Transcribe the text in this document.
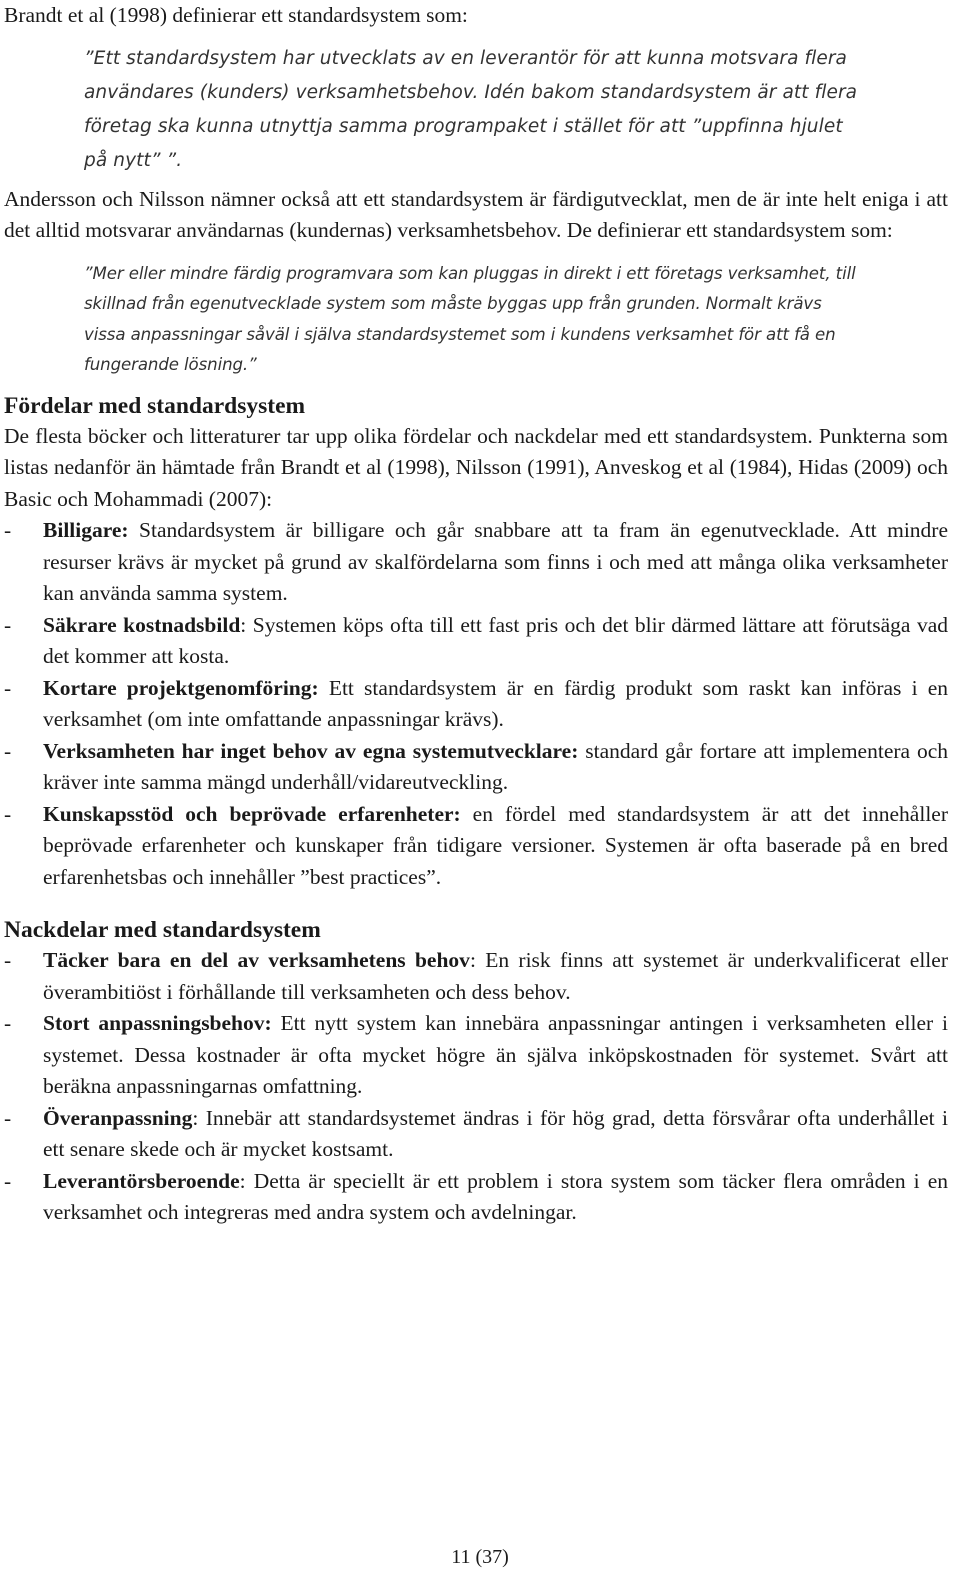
Brandt et al (1998) definierar ett standardsystem som:

”Ett standardsystem har utvecklats av en leverantör för att kunna motsvara flera användares (kunders) verksamhetsbehov. Idén bakom standardsystem är att flera företag ska kunna utnyttja samma programpaket i stället för att ”uppfinna hjulet på nytt” ”.

Andersson och Nilsson nämner också att ett standardsystem är färdigutvecklat, men de är inte helt eniga i att det alltid motsvarar användarnas (kundernas) verksamhetsbehov. De definierar ett standardsystem som:

”Mer eller mindre färdig programvara som kan pluggas in direkt i ett företags verksamhet, till skillnad från egenutvecklade system som måste byggas upp från grunden. Normalt krävs vissa anpassningar såväl i själva standardsystemet som i kundens verksamhet för att få en fungerande lösning.”

Fördelar med standardsystem

De flesta böcker och litteraturer tar upp olika fördelar och nackdelar med ett standardsystem. Punkterna som listas nedanför än hämtade från Brandt et al (1998), Nilsson (1991), Anveskog et al (1984), Hidas (2009) och Basic och Mohammadi (2007):

- Billigare: Standardsystem är billigare och går snabbare att ta fram än egenutvecklade. Att mindre resurser krävs är mycket på grund av skalfördelarna som finns i och med att många olika verksamheter kan använda samma system.
- Säkrare kostnadsbild: Systemen köps ofta till ett fast pris och det blir därmed lättare att förutsäga vad det kommer att kosta.
- Kortare projektgenomföring: Ett standardsystem är en färdig produkt som raskt kan införas i en verksamhet (om inte omfattande anpassningar krävs).
- Verksamheten har inget behov av egna systemutvecklare: standard går fortare att implementera och kräver inte samma mängd underhåll/vidareutveckling.
- Kunskapsstöd och beprövade erfarenheter: en fördel med standardsystem är att det innehåller beprövade erfarenheter och kunskaper från tidigare versioner. Systemen är ofta baserade på en bred erfarenhetsbas och innehåller ”best practices”.
Nackdelar med standardsystem
- Täcker bara en del av verksamhetens behov: En risk finns att systemet är underkvalificerat eller överambitiöst i förhållande till verksamheten och dess behov.
- Stort anpassningsbehov: Ett nytt system kan innebära anpassningar antingen i verksamheten eller i systemet. Dessa kostnader är ofta mycket högre än själva inköpskostnaden för systemet. Svårt att beräkna anpassningarnas omfattning.
- Överanpassning: Innebär att standardsystemet ändras i för hög grad, detta försvårar ofta underhållet i ett senare skede och är mycket kostsamt.
- Leverantörsberoende: Detta är speciellt är ett problem i stora system som täcker flera områden i en verksamhet och integreras med andra system och avdelningar.
11 (37)
